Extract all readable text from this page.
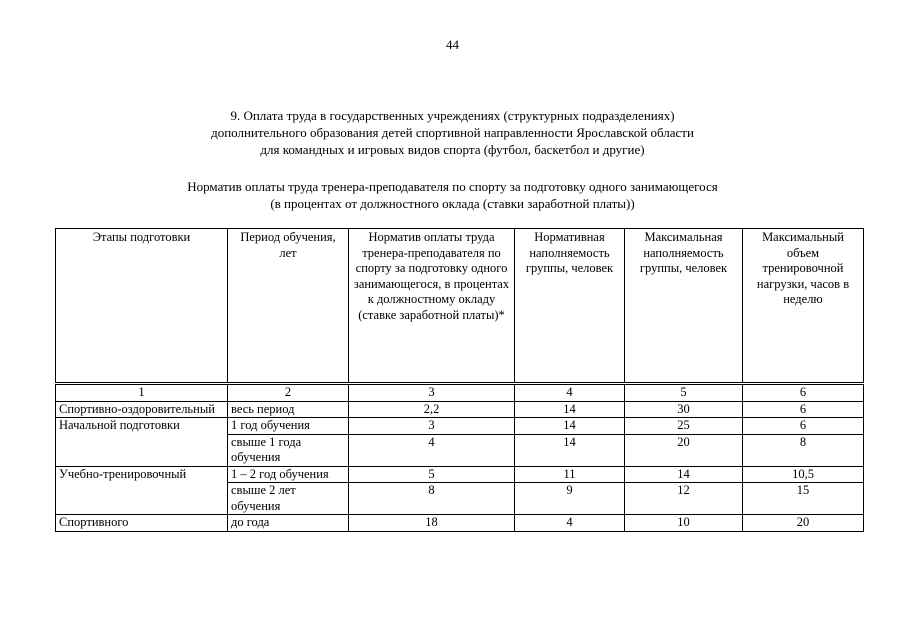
44
9. Оплата труда в государственных учреждениях (структурных подразделениях)
дополнительного образования детей спортивной направленности Ярославской области
для командных и игровых видов спорта (футбол, баскетбол и другие)
Норматив оплаты труда тренера-преподавателя по спорту за подготовку одного занимающегося
(в процентах от должностного оклада (ставки заработной платы))
Этапы подготовки	Период обучения, лет	Норматив оплаты труда тренера-преподавателя по спорту за подготовку одного занимающегося, в процентах к должностному окладу (ставке заработной платы)*	Нормативная наполняемость группы, человек	Максимальная наполняемость группы, человек	Максимальный объем тренировочной нагрузки, часов в неделю
1	2	3	4	5	6
Спортивно-оздоровительный	весь период	2,2	14	30	6
Начальной подготовки	1 год обучения	3	14	25	6
	свыше 1 года обучения	4	14	20	8
Учебно-тренировочный	1 – 2 год обучения	5	11	14	10,5
	свыше 2 лет обучения	8	9	12	15
Спортивного	до года	18	4	10	20
